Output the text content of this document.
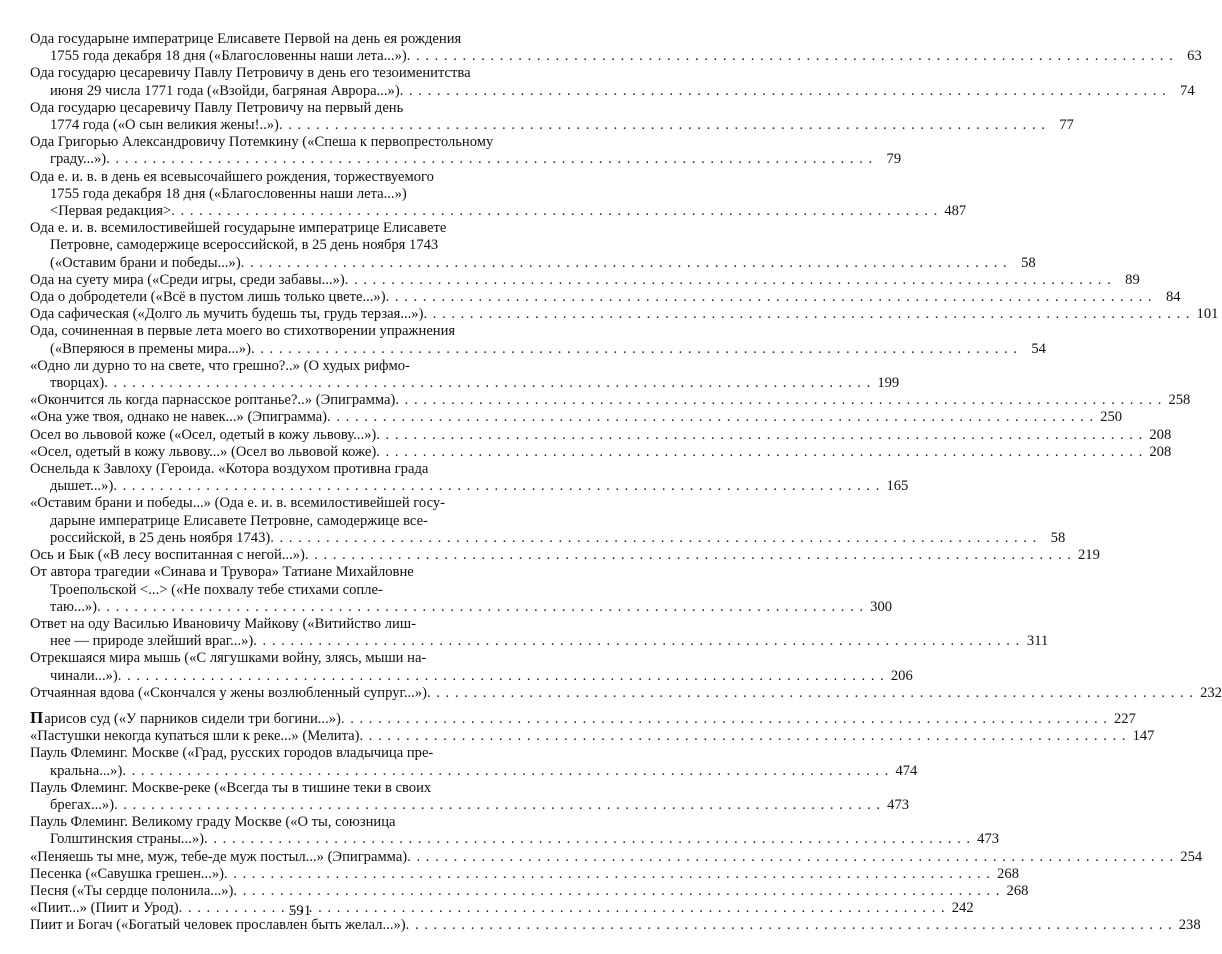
Ода государыне императрице Елисавете Первой на день ея рождения
1755 года декабря 18 дня («Благословенны наши лета...») . . .	63
Ода государю цесаревичу Павлу Петровичу в день его тезоименитства
июня 29 числа 1771 года («Взойди, багряная Аврора...») . . .	74
Ода государю цесаревичу Павлу Петровичу на первый день
1774 года («О сын великия жены!..») . . .	77
Ода Григорью Александровичу Потемкину («Спеша к первопрестольному
граду...») . . .	79
Ода е. и. в. в день ея всевысочайшего рождения, торжествуемого
1755 года декабря 18 дня («Благословенны наши лета...»)
<Первая редакция> . . .	487
Ода е. и. в. всемилостивейшей государыне императрице Елисавете
Петровне, самодержице всероссийской, в 25 день ноября 1743
(«Оставим брани и победы...») . . .	58
Ода на суету мира («Среди игры, среди забавы...») . . .	89
Ода о добродетели («Всё в пустом лишь только цвете...») . . .	84
Ода сафическая («Долго ль мучить будешь ты, грудь терзая...») . . .	101
Ода, сочиненная в первые лета моего во стихотворении упражнения
(«Вперяюся в премены мира...») . . .	54
«Одно ли дурно то на свете, что грешно?..» (О худых рифмо-
творцах) . . .	199
«Окончится ль когда парнасское роптанье?..» (Эпиграмма) . . .	258
«Она уже твоя, однако не навек...» (Эпиграмма) . . .	250
Осел во львовой коже («Осел, одетый в кожу львову...») . . .	208
«Осел, одетый в кожу львову...» (Осел во львовой коже) . . .	208
Оснельда к Завлоху (Героида. «Котора воздухом противна града
дышет...») . . .	165
«Оставим брани и победы...» (Ода е. и. в. всемилостивейшей госу-
дарыне императрице Елисавете Петровне, самодержице все-
российской, в 25 день ноября 1743) . . .	58
Ось и Бык («В лесу воспитанная с негой...») . . .	219
От автора трагедии «Синава и Трувора» Татиане Михайловне
Троепольской <...> («Не похвалу тебе стихами сопле-
таю...») . . .	300
Ответ на оду Василью Ивановичу Майкову («Витийство лиш-
нее — природе злейший враг...») . . .	311
Отрекшаяся мира мышь («С лягушками войну, злясь, мыши на-
чинали...») . . .	206
Отчаянная вдова («Скончался у жены возлюбленный супруг...») . . .	232
П арисов суд («У парников сидели три богини...») . . .	227
«Пастушки некогда купаться шли к реке...» (Мелита) . . .	147
Пауль Флеминг. Москве («Град, русских городов владычица пре-
кральна...») . . .	474
Пауль Флеминг. Москве-реке («Всегда ты в тишине теки в своих
брегах...») . . .	473
Пауль Флеминг. Великому граду Москве («О ты, союзница
Голштинския страны...») . . .	473
«Пеняешь ты мне, муж, тебе-де муж постыл...» (Эпиграмма) . . .	254
Песенка («Савушка грешен...») . . .	268
Песня («Ты сердце полонила...») . . .	268
«Пиит...» (Пиит и Урод) . . .	242
Пиит и Богач («Богатый человек прославлен быть желал...») . . .	238
591
